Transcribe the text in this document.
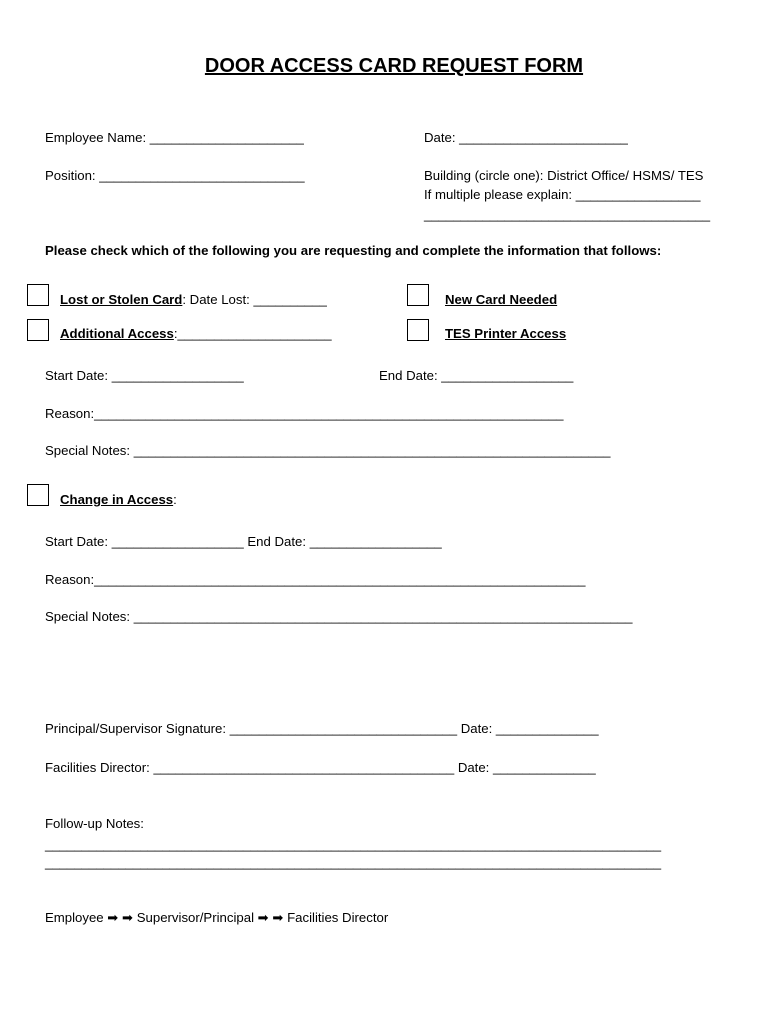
DOOR ACCESS CARD REQUEST FORM
Employee Name: _____________________	Date: _______________________
Position: ____________________________	Building (circle one): District Office/ HSMS/ TES
If multiple please explain: _________________
_______________________________________
Please check which of the following you are requesting and complete the information that follows:
Lost or Stolen Card: Date Lost: __________	New Card Needed
Additional Access:_____________________	TES Printer Access
Start Date: __________________	End Date: __________________
Reason:________________________________________________________________
Special Notes: _________________________________________________________________
Change in Access:
Start Date: __________________ End Date: __________________
Reason:___________________________________________________________________
Special Notes: ____________________________________________________________________
Principal/Supervisor Signature: _______________________________ Date: ______________
Facilities Director: _________________________________________ Date: ______________
Follow-up Notes:
____________________________________________________________________________________
____________________________________________________________________________________
Employee ➡ ➡ Supervisor/Principal ➡ ➡ Facilities Director
